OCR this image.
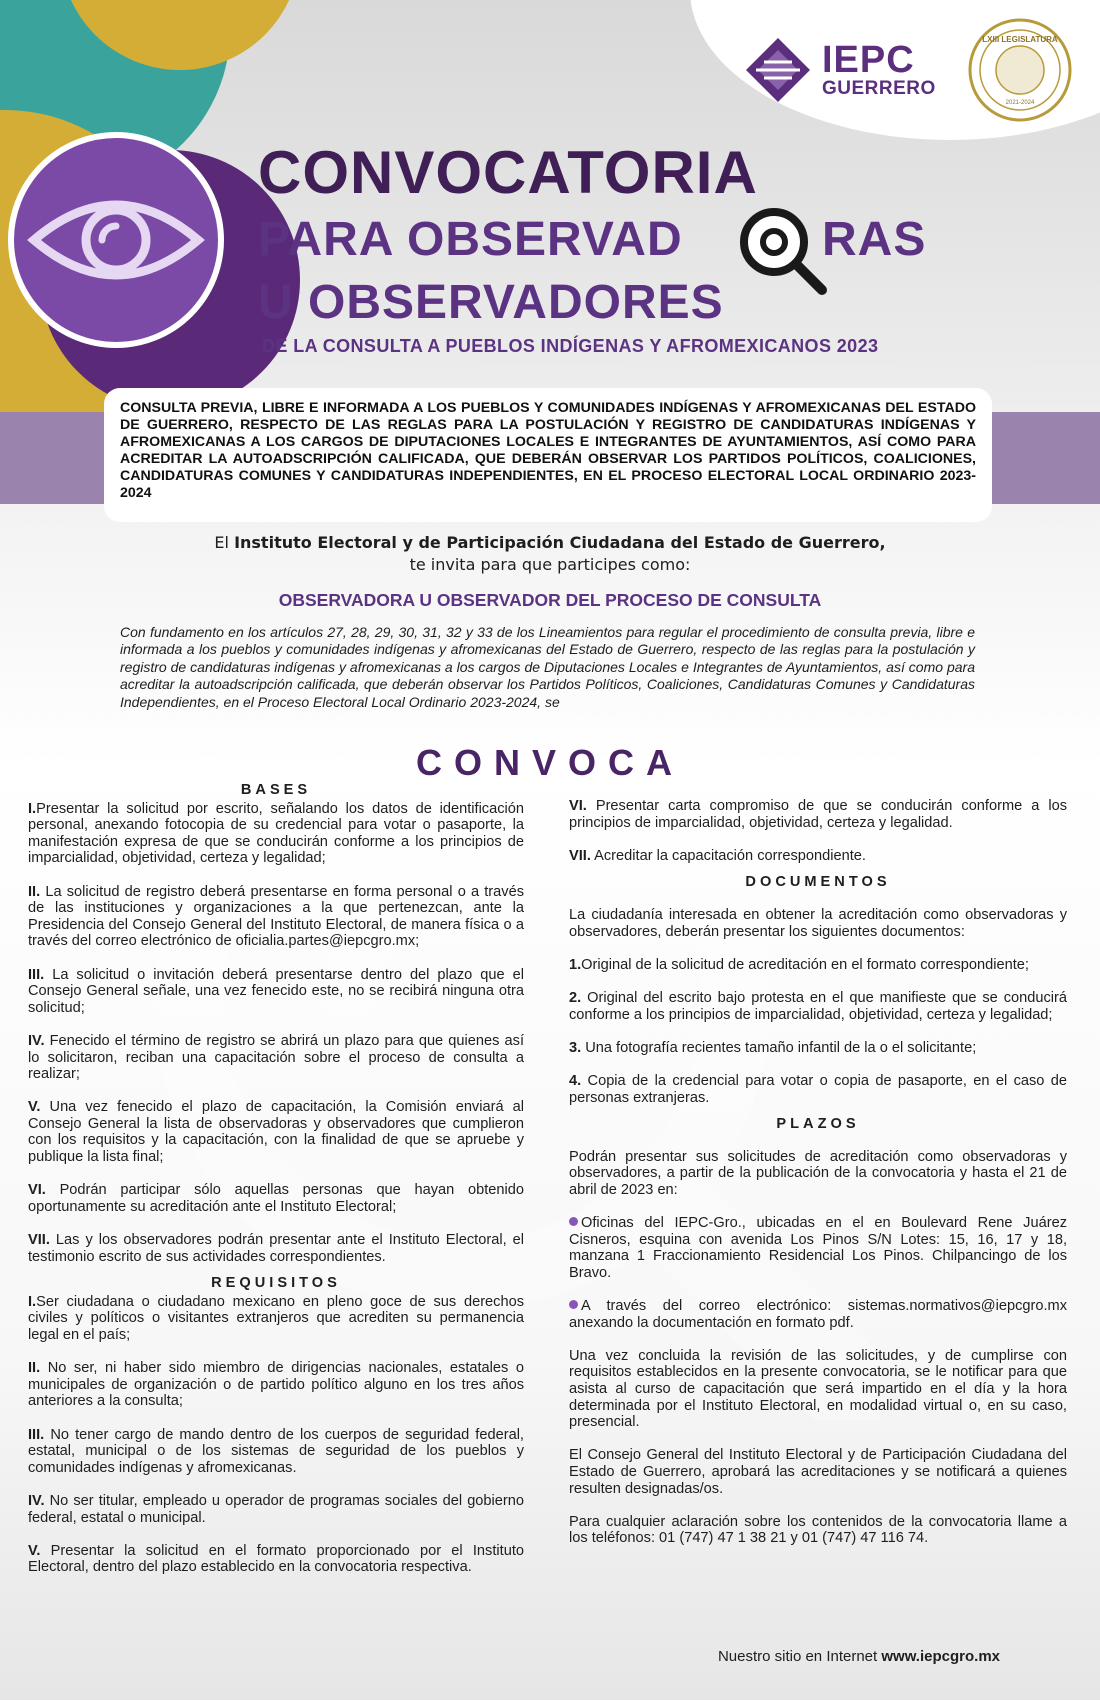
IEPC
GUERRERO
LXIII LEGISLATURA
2021-2024
CONVOCATORIA
PARA OBSERVAD	RAS
U OBSERVADORES
DE LA CONSULTA A PUEBLOS INDÍGENAS Y AFROMEXICANOS 2023
CONSULTA PREVIA, LIBRE E INFORMADA A LOS PUEBLOS Y COMUNIDADES INDÍGENAS Y AFROMEXICANAS DEL ESTADO DE GUERRERO, RESPECTO DE LAS REGLAS PARA LA POSTULACIÓN Y REGISTRO DE CANDIDATURAS INDÍGENAS Y AFROMEXICANAS A LOS CARGOS DE DIPUTACIONES LOCALES E INTEGRANTES DE AYUNTAMIENTOS, ASÍ COMO PARA ACREDITAR LA AUTOADSCRIPCIÓN CALIFICADA, QUE DEBERÁN OBSERVAR LOS PARTIDOS POLÍTICOS, COALICIONES, CANDIDATURAS COMUNES Y CANDIDATURAS INDEPENDIENTES, EN EL PROCESO ELECTORAL LOCAL ORDINARIO 2023-2024
El Instituto Electoral y de Participación Ciudadana del Estado de Guerrero,
te invita para que participes como:
OBSERVADORA U OBSERVADOR DEL PROCESO DE CONSULTA
Con fundamento en los artículos 27, 28, 29, 30, 31, 32 y 33 de los Lineamientos para regular el procedimiento de consulta previa, libre e informada a los pueblos y comunidades indígenas y afromexicanas del Estado de Guerrero, respecto de las reglas para la postulación y registro de candidaturas indígenas y afromexicanas a los cargos de Diputaciones Locales e Integrantes de Ayuntamientos, así como para acreditar la autoadscripción calificada, que deberán observar los Partidos Políticos, Coaliciones, Candidaturas Comunes y Candidaturas Independientes, en el Proceso Electoral Local Ordinario 2023-2024, se
CONVOCA
BASES
I.Presentar la solicitud por escrito, señalando los datos de identificación personal, anexando fotocopia de su credencial para votar o pasaporte, la manifestación expresa de que se conducirán conforme a los principios de imparcialidad, objetividad, certeza y legalidad;
II. La solicitud de registro deberá presentarse en forma personal o a través de las instituciones y organizaciones a la que pertenezcan, ante la Presidencia del Consejo General del Instituto Electoral, de manera física o a través del correo electrónico de oficialia.partes@iepcgro.mx;
III. La solicitud o invitación deberá presentarse dentro del plazo que el Consejo General señale, una vez fenecido este, no se recibirá ninguna otra solicitud;
IV. Fenecido el término de registro se abrirá un plazo para que quienes así lo solicitaron, reciban una capacitación sobre el proceso de consulta a realizar;
V. Una vez fenecido el plazo de capacitación, la Comisión enviará al Consejo General la lista de observadoras y observadores que cumplieron con los requisitos y la capacitación, con la finalidad de que se apruebe y publique la lista final;
VI. Podrán participar sólo aquellas personas que hayan obtenido oportunamente su acreditación ante el Instituto Electoral;
VII. Las y los observadores podrán presentar ante el Instituto Electoral, el testimonio escrito de sus actividades correspondientes.
REQUISITOS
I.Ser ciudadana o ciudadano mexicano en pleno goce de sus derechos civiles y políticos o visitantes extranjeros que acrediten su permanencia legal en el país;
II. No ser, ni haber sido miembro de dirigencias nacionales, estatales o municipales de organización o de partido político alguno en los tres años anteriores a la consulta;
III. No tener cargo de mando dentro de los cuerpos de seguridad federal, estatal, municipal o de los sistemas de seguridad de los pueblos y comunidades indígenas y afromexicanas.
IV. No ser titular, empleado u operador de programas sociales del gobierno federal, estatal o municipal.
V. Presentar la solicitud en el formato proporcionado por el Instituto Electoral, dentro del plazo establecido en la convocatoria respectiva.
VI. Presentar carta compromiso de que se conducirán conforme a los principios de imparcialidad, objetividad, certeza y legalidad.
VII. Acreditar la capacitación correspondiente.
DOCUMENTOS
La ciudadanía interesada en obtener la acreditación como observadoras y observadores, deberán presentar los siguientes documentos:
1.Original de la solicitud de acreditación en el formato correspondiente;
2. Original del escrito bajo protesta en el que manifieste que se conducirá conforme a los principios de imparcialidad, objetividad, certeza y legalidad;
3. Una fotografía recientes tamaño infantil de la o el solicitante;
4. Copia de la credencial para votar o copia de pasaporte, en el caso de personas extranjeras.
PLAZOS
Podrán presentar sus solicitudes de acreditación como observadoras y observadores, a partir de la publicación de la convocatoria y hasta el 21 de abril de 2023 en:
Oficinas del IEPC-Gro., ubicadas en el en Boulevard Rene Juárez Cisneros, esquina con avenida Los Pinos S/N Lotes: 15, 16, 17 y 18, manzana 1 Fraccionamiento Residencial Los Pinos. Chilpancingo de los Bravo.
A través del correo electrónico: sistemas.normativos@iepcgro.mx anexando la documentación en formato pdf.
Una vez concluida la revisión de las solicitudes, y de cumplirse con requisitos establecidos en la presente convocatoria, se le notificar para que asista al curso de capacitación que será impartido en el día y la hora determinada por el Instituto Electoral, en modalidad virtual o, en su caso, presencial.
El Consejo General del Instituto Electoral y de Participación Ciudadana del Estado de Guerrero, aprobará las acreditaciones y se notificará a quienes resulten designadas/os.
Para cualquier aclaración sobre los contenidos de la convocatoria llame a los teléfonos: 01 (747) 47 1 38 21 y 01 (747) 47 116 74.
Nuestro sitio en Internet www.iepcgro.mx
